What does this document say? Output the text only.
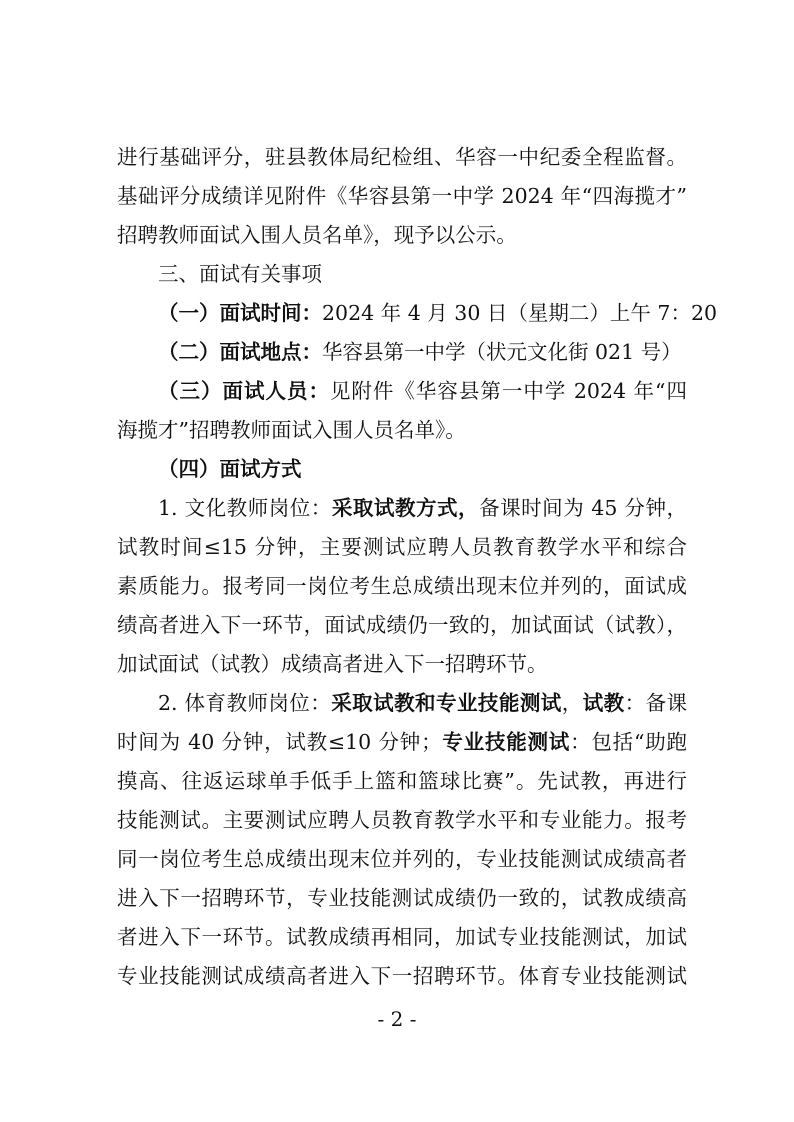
进行基础评分，驻县教体局纪检组、华容一中纪委全程监督。
基础评分成绩详见附件《华容县第一中学 2024 年“四海揽才”
招聘教师面试入围人员名单》，现予以公示。
三、面试有关事项
（一）面试时间：2024 年 4 月 30 日（星期二）上午 7：20
（二）面试地点：华容县第一中学（状元文化街 021 号）
（三）面试人员：见附件《华容县第一中学 2024 年“四
海揽才”招聘教师面试入围人员名单》。
（四）面试方式
1. 文化教师岗位：采取试教方式，备课时间为 45 分钟，
试教时间≤15 分钟，主要测试应聘人员教育教学水平和综合
素质能力。报考同一岗位考生总成绩出现末位并列的，面试成
绩高者进入下一环节，面试成绩仍一致的，加试面试（试教），
加试面试（试教）成绩高者进入下一招聘环节。
2. 体育教师岗位：采取试教和专业技能测试，试教：备课
时间为 40 分钟，试教≤10 分钟；专业技能测试：包括“助跑
摸高、往返运球单手低手上篮和篮球比赛”。先试教，再进行
技能测试。主要测试应聘人员教育教学水平和专业能力。报考
同一岗位考生总成绩出现末位并列的，专业技能测试成绩高者
进入下一招聘环节，专业技能测试成绩仍一致的，试教成绩高
者进入下一环节。试教成绩再相同，加试专业技能测试，加试
专业技能测试成绩高者进入下一招聘环节。体育专业技能测试
- 2 -
